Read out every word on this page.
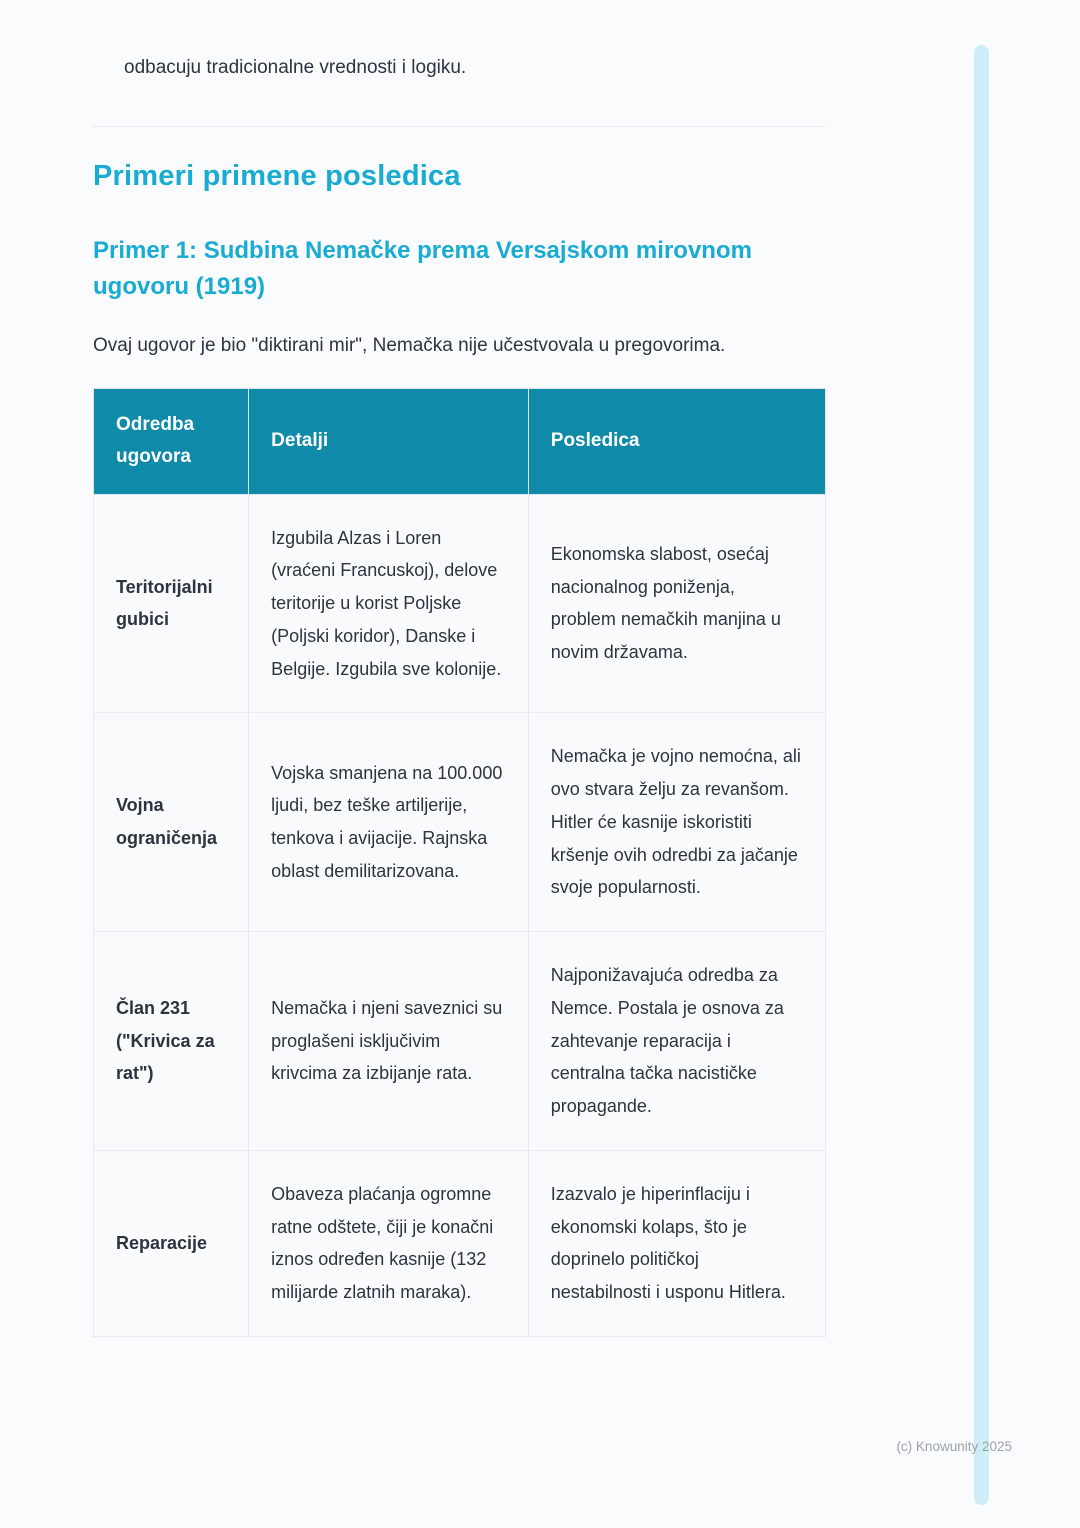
odbacuju tradicionalne vrednosti i logiku.

Primeri primene posledica
Primer 1: Sudbina Nemačke prema Versajskom mirovnom ugovoru (1919)

Ovaj ugovor je bio "diktirani mir", Nemačka nije učestvovala u pregovorima.

Odredba ugovora	Detalji	Posledica
Teritorijalni gubici	Izgubila Alzas i Loren (vraćeni Francuskoj), delove teritorije u korist Poljske (Poljski koridor), Danske i Belgije. Izgubila sve kolonije.	Ekonomska slabost, osećaj nacionalnog poniženja, problem nemačkih manjina u novim državama.
Vojna ograničenja	Vojska smanjena na 100.000 ljudi, bez teške artiljerije, tenkova i avijacije. Rajnska oblast demilitarizovana.	Nemačka je vojno nemoćna, ali ovo stvara želju za revanšom. Hitler će kasnije iskoristiti kršenje ovih odredbi za jačanje svoje popularnosti.
Član 231 ("Krivica za rat")	Nemačka i njeni saveznici su proglašeni isključivim krivcima za izbijanje rata.	Najponižavajuća odredba za Nemce. Postala je osnova za zahtevanje reparacija i centralna tačka nacističke propagande.
Reparacije	Obaveza plaćanja ogromne ratne odštete, čiji je konačni iznos određen kasnije (132 milijarde zlatnih maraka).	Izazvalo je hiperinflaciju i ekonomski kolaps, što je doprinelo političkoj nestabilnosti i usponu Hitlera.
(c) Knowunity 2025
